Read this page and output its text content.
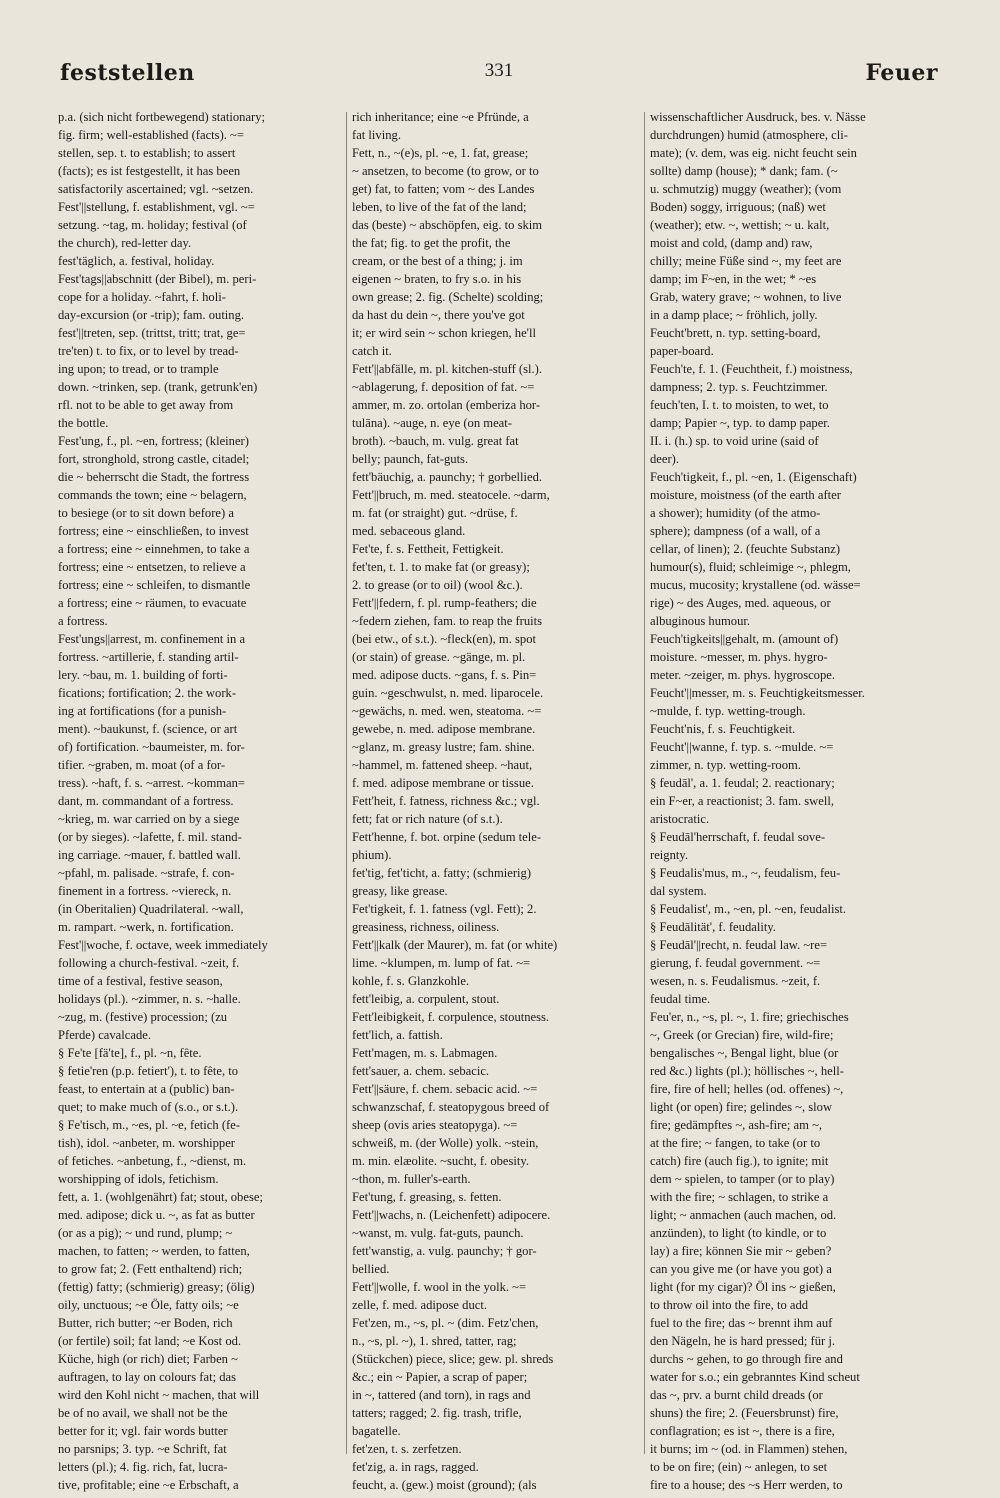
feststellen	331	Feuer
p.a. (sich nicht fortbewegend) stationary;
fig. firm; well-established (facts). ~=
stellen, sep. t. to establish; to assert
(facts); es ist festgestellt, it has been
satisfactorily ascertained; vgl. ~setzen.
Fest'||stellung, f. establishment, vgl. ~=
setzung. ~tag, m. holiday; festival (of
the church), red-letter day.
fest'täglich, a. festival, holiday.
Fest'tags||abschnitt (der Bibel), m. peri-
cope for a holiday. ~fahrt, f. holi-
day-excursion (or -trip); fam. outing.
fest'||treten, sep. (trittst, tritt; trat, ge=
tre'ten) t. to fix, or to level by tread-
ing upon; to tread, or to trample
down. ~trinken, sep. (trank, getrunk'en)
rfl. not to be able to get away from
the bottle.
Fest'ung, f., pl. ~en, fortress; (kleiner)
fort, stronghold, strong castle, citadel;
die ~ beherrscht die Stadt, the fortress
commands the town; eine ~ belagern,
to besiege (or to sit down before) a
fortress; eine ~ einschließen, to invest
a fortress; eine ~ einnehmen, to take a
fortress; eine ~ entsetzen, to relieve a
fortress; eine ~ schleifen, to dismantle
a fortress; eine ~ räumen, to evacuate
a fortress.
Fest'ungs||arrest, m. confinement in a
fortress. ~artillerie, f. standing artil-
lery. ~bau, m. 1. building of forti-
fications; fortification; 2. the work-
ing at fortifications (for a punish-
ment). ~baukunst, f. (science, or art
of) fortification. ~baumeister, m. for-
tifier. ~graben, m. moat (of a for-
tress). ~haft, f. s. ~arrest. ~komman=
dant, m. commandant of a fortress.
~krieg, m. war carried on by a siege
(or by sieges). ~lafette, f. mil. stand-
ing carriage. ~mauer, f. battled wall.
~pfahl, m. palisade. ~strafe, f. con-
finement in a fortress. ~viereck, n.
(in Oberitalien) Quadrilateral. ~wall,
m. rampart. ~werk, n. fortification.
Fest'||woche, f. octave, week immediately
following a church-festival. ~zeit, f.
time of a festival, festive season,
holidays (pl.). ~zimmer, n. s. ~halle.
~zug, m. (festive) procession; (zu
Pferde) cavalcade.
§ Fe'te [fä'te], f., pl. ~n, fête.
§ fetie'ren (p.p. fetiert'), t. to fête, to
feast, to entertain at a (public) ban-
quet; to make much of (s.o., or s.t.).
§ Fe'tisch, m., ~es, pl. ~e, fetich (fe-
tish), idol. ~anbeter, m. worshipper
of fetiches. ~anbetung, f., ~dienst, m.
worshipping of idols, fetichism.
fett, a. 1. (wohlgenährt) fat; stout, obese;
med. adipose; dick u. ~, as fat as butter
(or as a pig); ~ und rund, plump; ~
machen, to fatten; ~ werden, to fatten,
to grow fat; 2. (Fett enthaltend) rich;
(fettig) fatty; (schmierig) greasy; (ölig)
oily, unctuous; ~e Öle, fatty oils; ~e
Butter, rich butter; ~er Boden, rich
(or fertile) soil; fat land; ~e Kost od.
Küche, high (or rich) diet; Farben ~
auftragen, to lay on colours fat; das
wird den Kohl nicht ~ machen, that will
be of no avail, we shall not be the
better for it; vgl. fair words butter
no parsnips; 3. typ. ~e Schrift, fat
letters (pl.); 4. fig. rich, fat, lucra-
tive, profitable; eine ~e Erbschaft, a
rich inheritance; eine ~e Pfründe, a
fat living.
Fett, n., ~(e)s, pl. ~e, 1. fat, grease;
~ ansetzen, to become (to grow, or to
get) fat, to fatten; vom ~ des Landes
leben, to live of the fat of the land;
das (beste) ~ abschöpfen, eig. to skim
the fat; fig. to get the profit, the
cream, or the best of a thing; j. im
eigenen ~ braten, to fry s.o. in his
own grease; 2. fig. (Schelte) scolding;
da hast du dein ~, there you've got
it; er wird sein ~ schon kriegen, he'll
catch it.
Fett'||abfälle, m. pl. kitchen-stuff (sl.).
~ablagerung, f. deposition of fat. ~=
ammer, m. zo. ortolan (emberiza hor-
tulāna). ~auge, n. eye (on meat-
broth). ~bauch, m. vulg. great fat
belly; paunch, fat-guts.
fett'bäuchig, a. paunchy; † gorbellied.
Fett'||bruch, m. med. steatocele. ~darm,
m. fat (or straight) gut. ~drüse, f.
med. sebaceous gland.
Fet'te, f. s. Fettheit, Fettigkeit.
fet'ten, t. 1. to make fat (or greasy);
2. to grease (or to oil) (wool &c.).
Fett'||federn, f. pl. rump-feathers; die
~federn ziehen, fam. to reap the fruits
(bei etw., of s.t.). ~fleck(en), m. spot
(or stain) of grease. ~gänge, m. pl.
med. adipose ducts. ~gans, f. s. Pin=
guin. ~geschwulst, n. med. liparocele.
~gewächs, n. med. wen, steatoma. ~=
gewebe, n. med. adipose membrane.
~glanz, m. greasy lustre; fam. shine.
~hammel, m. fattened sheep. ~haut,
f. med. adipose membrane or tissue.
Fett'heit, f. fatness, richness &c.; vgl.
fett; fat or rich nature (of s.t.).
Fett'henne, f. bot. orpine (sedum tele-
phium).
fet'tig, fet'ticht, a. fatty; (schmierig)
greasy, like grease.
Fet'tigkeit, f. 1. fatness (vgl. Fett); 2.
greasiness, richness, oiliness.
Fett'||kalk (der Maurer), m. fat (or white)
lime. ~klumpen, m. lump of fat. ~=
kohle, f. s. Glanzkohle.
fett'leibig, a. corpulent, stout.
Fett'leibigkeit, f. corpulence, stoutness.
fett'lich, a. fattish.
Fett'magen, m. s. Labmagen.
fett'sauer, a. chem. sebacic.
Fett'||säure, f. chem. sebacic acid. ~=
schwanzschaf, f. steatopygous breed of
sheep (ovis aries steatopyga). ~=
schweiß, m. (der Wolle) yolk. ~stein,
m. min. elæolite. ~sucht, f. obesity.
~thon, m. fuller's-earth.
Fet'tung, f. greasing, s. fetten.
Fett'||wachs, n. (Leichenfett) adipocere.
~wanst, m. vulg. fat-guts, paunch.
fett'wanstig, a. vulg. paunchy; † gor-
bellied.
Fett'||wolle, f. wool in the yolk. ~=
zelle, f. med. adipose duct.
Fet'zen, m., ~s, pl. ~ (dim. Fetz'chen,
n., ~s, pl. ~), 1. shred, tatter, rag;
(Stückchen) piece, slice; gew. pl. shreds
&c.; ein ~ Papier, a scrap of paper;
in ~, tattered (and torn), in rags and
tatters; ragged; 2. fig. trash, trifle,
bagatelle.
fet'zen, t. s. zerfetzen.
fet'zig, a. in rags, ragged.
feucht, a. (gew.) moist (ground); (als
wissenschaftlicher Ausdruck, bes. v. Nässe
durchdrungen) humid (atmosphere, cli-
mate); (v. dem, was eig. nicht feucht sein
sollte) damp (house); * dank; fam. (~
u. schmutzig) muggy (weather); (vom
Boden) soggy, irriguous; (naß) wet
(weather); etw. ~, wettish; ~ u. kalt,
moist and cold, (damp and) raw,
chilly; meine Füße sind ~, my feet are
damp; im F~en, in the wet; * ~es
Grab, watery grave; ~ wohnen, to live
in a damp place; ~ fröhlich, jolly.
Feucht'brett, n. typ. setting-board,
paper-board.
Feuch'te, f. 1. (Feuchtheit, f.) moistness,
dampness; 2. typ. s. Feuchtzimmer.
feuch'ten, I. t. to moisten, to wet, to
damp; Papier ~, typ. to damp paper.
II. i. (h.) sp. to void urine (said of
deer).
Feuch'tigkeit, f., pl. ~en, 1. (Eigenschaft)
moisture, moistness (of the earth after
a shower); humidity (of the atmo-
sphere); dampness (of a wall, of a
cellar, of linen); 2. (feuchte Substanz)
humour(s), fluid; schleimige ~, phlegm,
mucus, mucosity; krystallene (od. wässe=
rige) ~ des Auges, med. aqueous, or
albuginous humour.
Feuch'tigkeits||gehalt, m. (amount of)
moisture. ~messer, m. phys. hygro-
meter. ~zeiger, m. phys. hygroscope.
Feucht'||messer, m. s. Feuchtigkeitsmesser.
~mulde, f. typ. wetting-trough.
Feucht'nis, f. s. Feuchtigkeit.
Feucht'||wanne, f. typ. s. ~mulde. ~=
zimmer, n. typ. wetting-room.
§ feudāl', a. 1. feudal; 2. reactionary;
ein F~er, a reactionist; 3. fam. swell,
aristocratic.
§ Feudāl'herrschaft, f. feudal sove-
reignty.
§ Feudalis'mus, m., ~, feudalism, feu-
dal system.
§ Feudalist', m., ~en, pl. ~en, feudalist.
§ Feudālität', f. feudality.
§ Feudāl'||recht, n. feudal law. ~re=
gierung, f. feudal government. ~=
wesen, n. s. Feudalismus. ~zeit, f.
feudal time.
Feu'er, n., ~s, pl. ~, 1. fire; griechisches
~, Greek (or Grecian) fire, wild-fire;
bengalisches ~, Bengal light, blue (or
red &c.) lights (pl.); höllisches ~, hell-
fire, fire of hell; helles (od. offenes) ~,
light (or open) fire; gelindes ~, slow
fire; gedämpftes ~, ash-fire; am ~,
at the fire; ~ fangen, to take (or to
catch) fire (auch fig.), to ignite; mit
dem ~ spielen, to tamper (or to play)
with the fire; ~ schlagen, to strike a
light; ~ anmachen (auch machen, od.
anzünden), to light (to kindle, or to
lay) a fire; können Sie mir ~ geben?
can you give me (or have you got) a
light (for my cigar)? Öl ins ~ gießen,
to throw oil into the fire, to add
fuel to the fire; das ~ brennt ihm auf
den Nägeln, he is hard pressed; für j.
durchs ~ gehen, to go through fire and
water for s.o.; ein gebranntes Kind scheut
das ~, prv. a burnt child dreads (or
shuns) the fire; 2. (Feuersbrunst) fire,
conflagration; es ist ~, there is a fire,
it burns; im ~ (od. in Flammen) stehen,
to be on fire; (ein) ~ anlegen, to set
fire to a house; des ~s Herr werden, to
